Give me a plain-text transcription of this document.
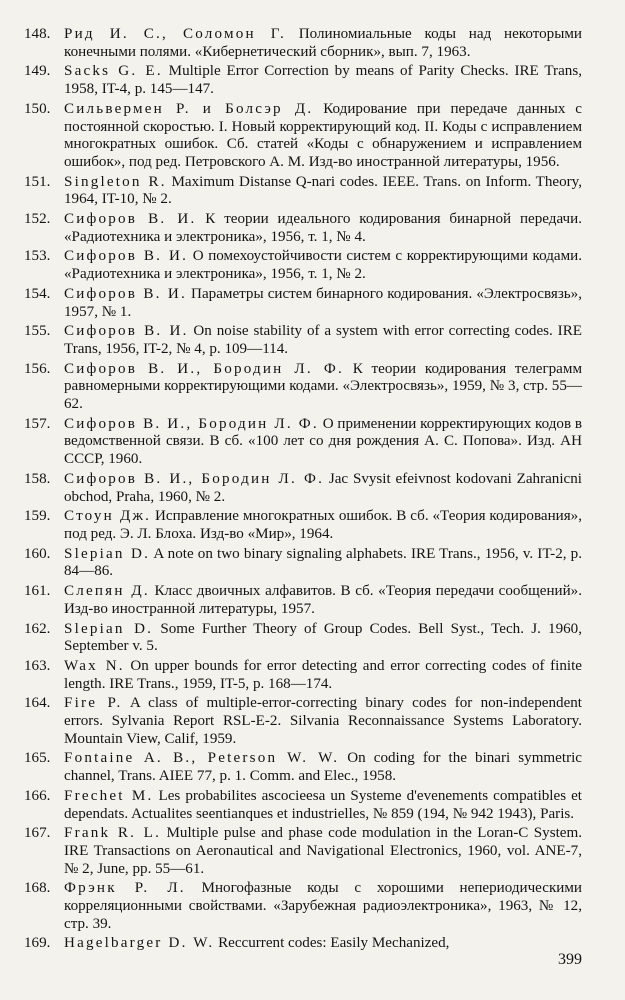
148. Рид И. С., Соломон Г. Полиномиальные коды над некоторыми конечными полями. «Кибернетический сборник», вып. 7, 1963.

149. Sacks G. E. Multiple Error Correction by means of Parity Checks. IRE Trans, 1958, IT-4, p. 145—147.

150. Сильвермен Р. и Болсэр Д. Кодирование при передаче данных с постоянной скоростью. I. Новый корректирующий код. II. Коды с исправлением многократных ошибок. Сб. статей «Коды с обнаружением и исправлением ошибок», под ред. Петровского А. М. Изд-во иностранной литературы, 1956.

151. Singleton R. Maximum Distanse Q-nari codes. IEEE. Trans. on Inform. Theory, 1964, IT-10, № 2.

152. Сифоров В. И. К теории идеального кодирования бинарной передачи. «Радиотехника и электроника», 1956, т. 1, № 4.

153. Сифоров В. И. О помехоустойчивости систем с корректирующими кодами. «Радиотехника и электроника», 1956, т. 1, № 2.

154. Сифоров В. И. Параметры систем бинарного кодирования. «Электросвязь», 1957, № 1.

155. Сифоров В. И. On noise stability of a system with error correcting codes. IRE Trans, 1956, IT-2, № 4, p. 109—114.

156. Сифоров В. И., Бородин Л. Ф. К теории кодирования телеграмм равномерными корректирующими кодами. «Электросвязь», 1959, № 3, стр. 55—62.

157. Сифоров В. И., Бородин Л. Ф. О применении корректирующих кодов в ведомственной связи. В сб. «100 лет со дня рождения А. С. Попова». Изд. АН СССР, 1960.

158. Сифоров В. И., Бородин Л. Ф. Jac Svysit efeivnost kodovani Zahranicni obchod, Praha, 1960, № 2.

159. Стоун Дж. Исправление многократных ошибок. В сб. «Теория кодирования», под ред. Э. Л. Блоха. Изд-во «Мир», 1964.

160. Slepian D. A note on two binary signaling alphabets. IRE Trans., 1956, v. IT-2, p. 84—86.

161. Слепян Д. Класс двоичных алфавитов. В сб. «Теория передачи сообщений». Изд-во иностранной литературы, 1957.

162. Slepian D. Some Further Theory of Group Codes. Bell Syst., Tech. J. 1960, September v. 5.

163. Wax N. On upper bounds for error detecting and error correcting codes of finite length. IRE Trans., 1959, IT-5, p. 168—174.

164. Fire P. A class of multiple-error-correcting binary codes for non-independent errors. Sylvania Report RSL-E-2. Silvania Reconnaissance Systems Laboratory. Mountain View, Calif, 1959.

165. Fontaine A. B., Peterson W. W. On coding for the binari symmetric channel, Trans. AIEE 77, p. 1. Comm. and Elec., 1958.

166. Frechet M. Les probabilites ascocieesa un Systeme d'evenements compatibles et dependats. Actualites seentianques et industrielles, № 859 (194, № 942 1943), Paris.

167. Frank R. L. Multiple pulse and phase code modulation in the Loran-C System. IRE Transactions on Aeronautical and Navigational Electronics, 1960, vol. ANE-7, № 2, June, pp. 55—61.

168. Фрэнк Р. Л. Многофазные коды с хорошими непериодическими корреляционными свойствами. «Зарубежная радиоэлектроника», 1963, № 12, стр. 39.

169. Hagelbarger D. W. Reccurrent codes: Easily Mechanized,

399
